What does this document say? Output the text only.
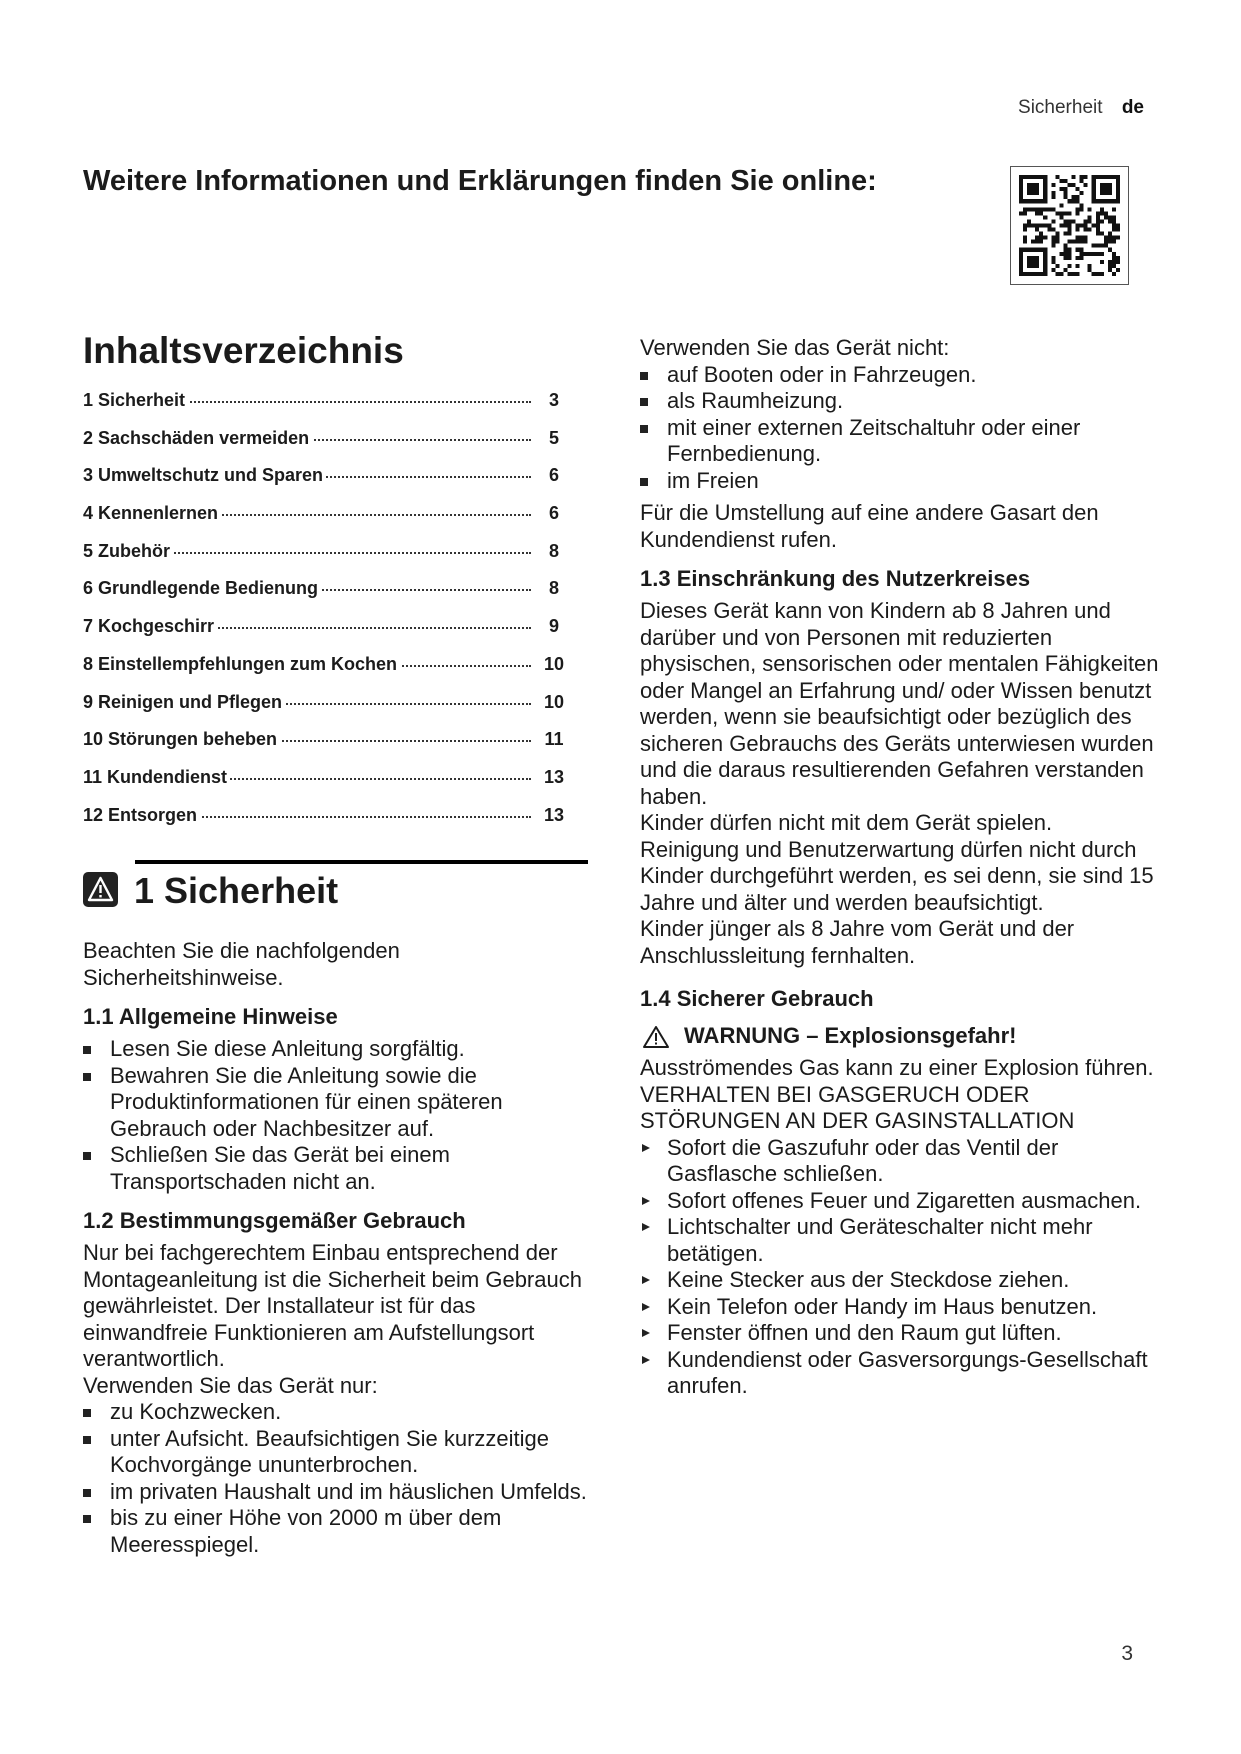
Sicherheit de
Weitere Informationen und Erklärungen finden Sie online:
Inhaltsverzeichnis
1 Sicherheit	3
2 Sachschäden vermeiden	5
3 Umweltschutz und Sparen	6
4 Kennenlernen	6
5 Zubehör	8
6 Grundlegende Bedienung	8
7 Kochgeschirr	9
8 Einstellempfehlungen zum Kochen	10
9 Reinigen und Pflegen	10
10 Störungen beheben	11
11 Kundendienst	13
12 Entsorgen	13
1 Sicherheit

Beachten Sie die nachfolgenden Sicherheitshinweise.

1.1 Allgemeine Hinweise
Lesen Sie diese Anleitung sorgfältig.
Bewahren Sie die Anleitung sowie die Produktinformationen für einen späteren Gebrauch oder Nachbesitzer auf.
Schließen Sie das Gerät bei einem Transportschaden nicht an.
1.2 Bestimmungsgemäßer Gebrauch

Nur bei fachgerechtem Einbau entsprechend der Montageanleitung ist die Sicherheit beim Gebrauch gewährleistet. Der Installateur ist für das einwandfreie Funktionieren am Aufstellungsort verantwortlich.

Verwenden Sie das Gerät nur:

zu Kochzwecken.
unter Aufsicht. Beaufsichtigen Sie kurzzeitige Kochvorgänge ununterbrochen.
im privaten Haushalt und im häuslichen Umfelds.
bis zu einer Höhe von 2000 m über dem Meeresspiegel.

Verwenden Sie das Gerät nicht:

auf Booten oder in Fahrzeugen.
als Raumheizung.
mit einer externen Zeitschaltuhr oder einer Fernbedienung.
im Freien

Für die Umstellung auf eine andere Gasart den Kundendienst rufen.

1.3 Einschränkung des Nutzerkreises

Dieses Gerät kann von Kindern ab 8 Jahren und darüber und von Personen mit reduzierten physischen, sensorischen oder mentalen Fähigkeiten oder Mangel an Erfahrung und/ oder Wissen benutzt werden, wenn sie beaufsichtigt oder bezüglich des sicheren Gebrauchs des Geräts unterwiesen wurden und die daraus resultierenden Gefahren verstanden haben.

Kinder dürfen nicht mit dem Gerät spielen.

Reinigung und Benutzerwartung dürfen nicht durch Kinder durchgeführt werden, es sei denn, sie sind 15 Jahre und älter und werden beaufsichtigt.

Kinder jünger als 8 Jahre vom Gerät und der Anschlussleitung fernhalten.

1.4 Sicherer Gebrauch
WARNUNG – Explosionsgefahr!

Ausströmendes Gas kann zu einer Explosion führen. VERHALTEN BEI GASGERUCH ODER STÖRUNGEN AN DER GASINSTALLATION

Sofort die Gaszufuhr oder das Ventil der Gasflasche schließen.
Sofort offenes Feuer und Zigaretten ausmachen.
Lichtschalter und Geräteschalter nicht mehr betätigen.
Keine Stecker aus der Steckdose ziehen.
Kein Telefon oder Handy im Haus benutzen.
Fenster öffnen und den Raum gut lüften.
Kundendienst oder Gasversorgungs-Gesellschaft anrufen.
3
